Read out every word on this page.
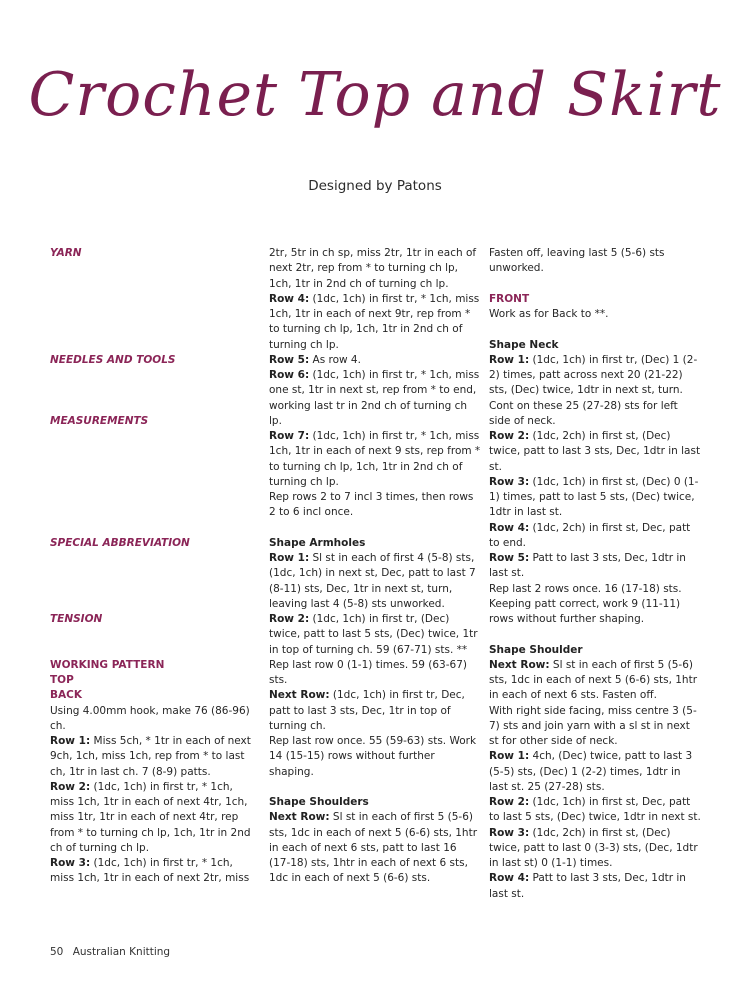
Crochet Top and Skirt
Designed by Patons

YARN

NEEDLES AND TOOLS

MEASUREMENTS

SPECIAL ABBREVIATION

TENSION

WORKING PATTERN

TOP

BACK

Using 4.00mm hook, make 76 (86-96) ch.

Row 1: Miss 5ch, * 1tr in each of next 9ch, 1ch, miss 1ch, rep from * to last ch, 1tr in last ch. 7 (8-9) patts.

Row 2: (1dc, 1ch) in first tr, * 1ch, miss 1ch, 1tr in each of next 4tr, 1ch, miss 1tr, 1tr in each of next 4tr, rep from * to turning ch lp, 1ch, 1tr in 2nd ch of turning ch lp.

Row 3: (1dc, 1ch) in first tr, * 1ch, miss 1ch, 1tr in each of next 2tr, miss

2tr, 5tr in ch sp, miss 2tr, 1tr in each of next 2tr, rep from * to turning ch lp, 1ch, 1tr in 2nd ch of turning ch lp.

Row 4: (1dc, 1ch) in first tr, * 1ch, miss 1ch, 1tr in each of next 9tr, rep from * to turning ch lp, 1ch, 1tr in 2nd ch of turning ch lp.

Row 5: As row 4.

Row 6: (1dc, 1ch) in first tr, * 1ch, miss one st, 1tr in next st, rep from * to end, working last tr in 2nd ch of turning ch lp.

Row 7: (1dc, 1ch) in first tr, * 1ch, miss 1ch, 1tr in each of next 9 sts, rep from * to turning ch lp, 1ch, 1tr in 2nd ch of turning ch lp.

Rep rows 2 to 7 incl 3 times, then rows 2 to 6 incl once.

Shape Armholes

Row 1: Sl st in each of first 4 (5-8) sts, (1dc, 1ch) in next st, Dec, patt to last 7 (8-11) sts, Dec, 1tr in next st, turn, leaving last 4 (5-8) sts unworked.

Row 2: (1dc, 1ch) in first tr, (Dec) twice, patt to last 5 sts, (Dec) twice, 1tr in top of turning ch. 59 (67-71) sts. **

Rep last row 0 (1-1) times. 59 (63-67) sts.

Next Row: (1dc, 1ch) in first tr, Dec, patt to last 3 sts, Dec, 1tr in top of turning ch.

Rep last row once. 55 (59-63) sts. Work 14 (15-15) rows without further shaping.

Shape Shoulders

Next Row: Sl st in each of first 5 (5-6) sts, 1dc in each of next 5 (6-6) sts, 1htr in each of next 6 sts, patt to last 16 (17-18) sts, 1htr in each of next 6 sts, 1dc in each of next 5 (6-6) sts.

Fasten off, leaving last 5 (5-6) sts unworked.

FRONT

Work as for Back to **.

Shape Neck

Row 1: (1dc, 1ch) in first tr, (Dec) 1 (2-2) times, patt across next 20 (21-22) sts, (Dec) twice, 1dtr in next st, turn.

Cont on these 25 (27-28) sts for left side of neck.

Row 2: (1dc, 2ch) in first st, (Dec) twice, patt to last 3 sts, Dec, 1dtr in last st.

Row 3: (1dc, 1ch) in first st, (Dec) 0 (1-1) times, patt to last 5 sts, (Dec) twice, 1dtr in last st.

Row 4: (1dc, 2ch) in first st, Dec, patt to end.

Row 5: Patt to last 3 sts, Dec, 1dtr in last st.

Rep last 2 rows once. 16 (17-18) sts. Keeping patt correct, work 9 (11-11) rows without further shaping.

Shape Shoulder

Next Row: Sl st in each of first 5 (5-6) sts, 1dc in each of next 5 (6-6) sts, 1htr in each of next 6 sts. Fasten off.

With right side facing, miss centre 3 (5-7) sts and join yarn with a sl st in next st for other side of neck.

Row 1: 4ch, (Dec) twice, patt to last 3 (5-5) sts, (Dec) 1 (2-2) times, 1dtr in last st. 25 (27-28) sts.

Row 2: (1dc, 1ch) in first st, Dec, patt to last 5 sts, (Dec) twice, 1dtr in next st.

Row 3: (1dc, 2ch) in first st, (Dec) twice, patt to last 0 (3-3) sts, (Dec, 1dtr in last st) 0 (1-1) times.

Row 4: Patt to last 3 sts, Dec, 1dtr in last st.

50 Australian Knitting
